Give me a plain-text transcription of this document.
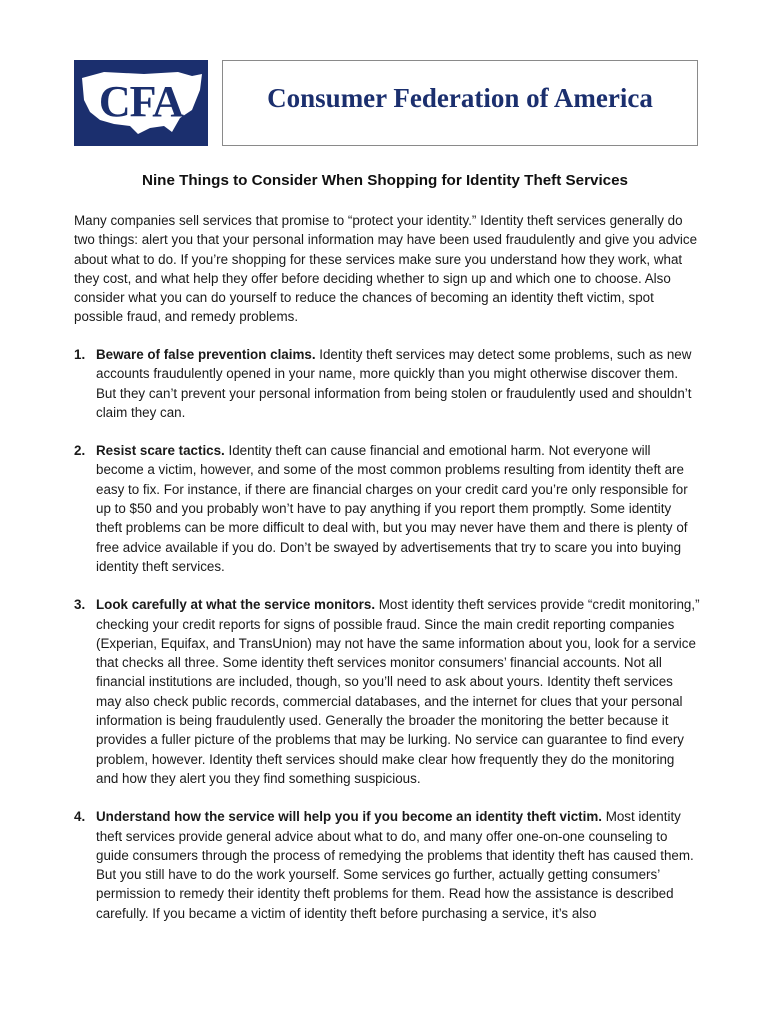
CFA	Consumer Federation of America
Nine Things to Consider When Shopping for Identity Theft Services

Many companies sell services that promise to “protect your identity.” Identity theft services generally do two things: alert you that your personal information may have been used fraudulently and give you advice about what to do. If you’re shopping for these services make sure you understand how they work, what they cost, and what help they offer before deciding whether to sign up and which one to choose. Also consider what you can do yourself to reduce the chances of becoming an identity theft victim, spot possible fraud, and remedy problems.

1. Beware of false prevention claims. Identity theft services may detect some problems, such as new accounts fraudulently opened in your name, more quickly than you might otherwise discover them. But they can’t prevent your personal information from being stolen or fraudulently used and shouldn’t claim they can.
2. Resist scare tactics. Identity theft can cause financial and emotional harm. Not everyone will become a victim, however, and some of the most common problems resulting from identity theft are easy to fix. For instance, if there are financial charges on your credit card you’re only responsible for up to $50 and you probably won’t have to pay anything if you report them promptly. Some identity theft problems can be more difficult to deal with, but you may never have them and there is plenty of free advice available if you do. Don’t be swayed by advertisements that try to scare you into buying identity theft services.
3. Look carefully at what the service monitors. Most identity theft services provide “credit monitoring,” checking your credit reports for signs of possible fraud. Since the main credit reporting companies (Experian, Equifax, and TransUnion) may not have the same information about you, look for a service that checks all three. Some identity theft services monitor consumers’ financial accounts. Not all financial institutions are included, though, so you’ll need to ask about yours. Identity theft services may also check public records, commercial databases, and the internet for clues that your personal information is being fraudulently used. Generally the broader the monitoring the better because it provides a fuller picture of the problems that may be lurking. No service can guarantee to find every problem, however. Identity theft services should make clear how frequently they do the monitoring and how they alert you they find something suspicious.
4. Understand how the service will help you if you become an identity theft victim. Most identity theft services provide general advice about what to do, and many offer one-on-one counseling to guide consumers through the process of remedying the problems that identity theft has caused them. But you still have to do the work yourself. Some services go further, actually getting consumers’ permission to remedy their identity theft problems for them. Read how the assistance is described carefully. If you became a victim of identity theft before purchasing a service, it’s also
